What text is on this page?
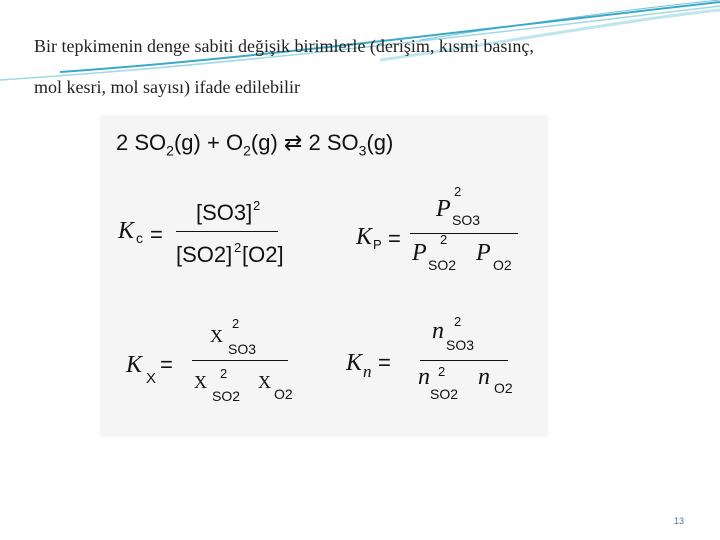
Bir tepkimenin denge sabiti değişik birimlerle (derişim, kısmi basınç,
mol kesri, mol sayısı) ifade edilebilir
2 $SO_2(g) + O_2(g)$ ⇄ 2 $SO_3(g)$
K c =
[SO3] 2
[SO2] 2 [O2]
K P =
P
2
SO3
P
2
SO2 P O2
K
X
=
X
2
SO3
X 2
SO2
X
O2
K n =
n 2
SO3
n 2
SO2
n O2
13
